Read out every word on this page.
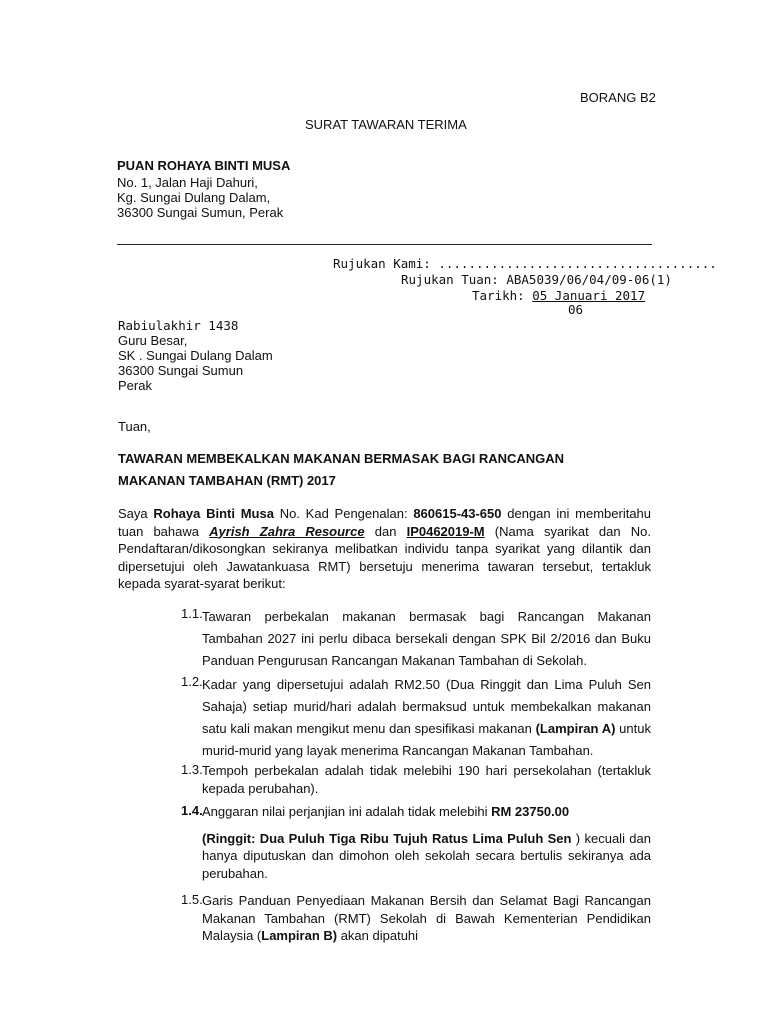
BORANG B2
SURAT TAWARAN TERIMA
PUAN ROHAYA BINTI MUSA
No. 1, Jalan Haji Dahuri,
Kg. Sungai Dulang Dalam,
36300 Sungai Sumun, Perak
Rujukan Kami: .....................................
Rujukan Tuan: ABA5039/06/04/09-06(1)
Tarikh: 05 Januari 2017
06
Rabiulakhir 1438
Guru Besar,
SK . Sungai Dulang Dalam
36300 Sungai Sumun
Perak
Tuan,
TAWARAN MEMBEKALKAN MAKANAN BERMASAK BAGI RANCANGAN
MAKANAN TAMBAHAN (RMT) 2017
Saya Rohaya Binti Musa No. Kad Pengenalan: 860615-43-650 dengan ini memberitahu tuan bahawa Ayrish Zahra Resource dan IP0462019-M (Nama syarikat dan No. Pendaftaran/dikosongkan sekiranya melibatkan individu tanpa syarikat yang dilantik dan dipersetujui oleh Jawatankuasa RMT) bersetuju menerima tawaran tersebut, tertakluk kepada syarat-syarat berikut:
1.1. Tawaran perbekalan makanan bermasak bagi Rancangan Makanan Tambahan 2027 ini perlu dibaca bersekali dengan SPK Bil 2/2016 dan Buku Panduan Pengurusan Rancangan Makanan Tambahan di Sekolah.
1.2. Kadar yang dipersetujui adalah RM2.50 (Dua Ringgit dan Lima Puluh Sen Sahaja) setiap murid/hari adalah bermaksud untuk membekalkan makanan satu kali makan mengikut menu dan spesifikasi makanan (Lampiran A) untuk murid-murid yang layak menerima Rancangan Makanan Tambahan.
1.3. Tempoh perbekalan adalah tidak melebihi 190 hari persekolahan (tertakluk kepada perubahan).
1.4. Anggaran nilai perjanjian ini adalah tidak melebihi RM 23750.00
(Ringgit: Dua Puluh Tiga Ribu Tujuh Ratus Lima Puluh Sen ) kecuali dan hanya diputuskan dan dimohon oleh sekolah secara bertulis sekiranya ada perubahan.
1.5. Garis Panduan Penyediaan Makanan Bersih dan Selamat Bagi Rancangan Makanan Tambahan (RMT) Sekolah di Bawah Kementerian Pendidikan Malaysia (Lampiran B) akan dipatuhi
